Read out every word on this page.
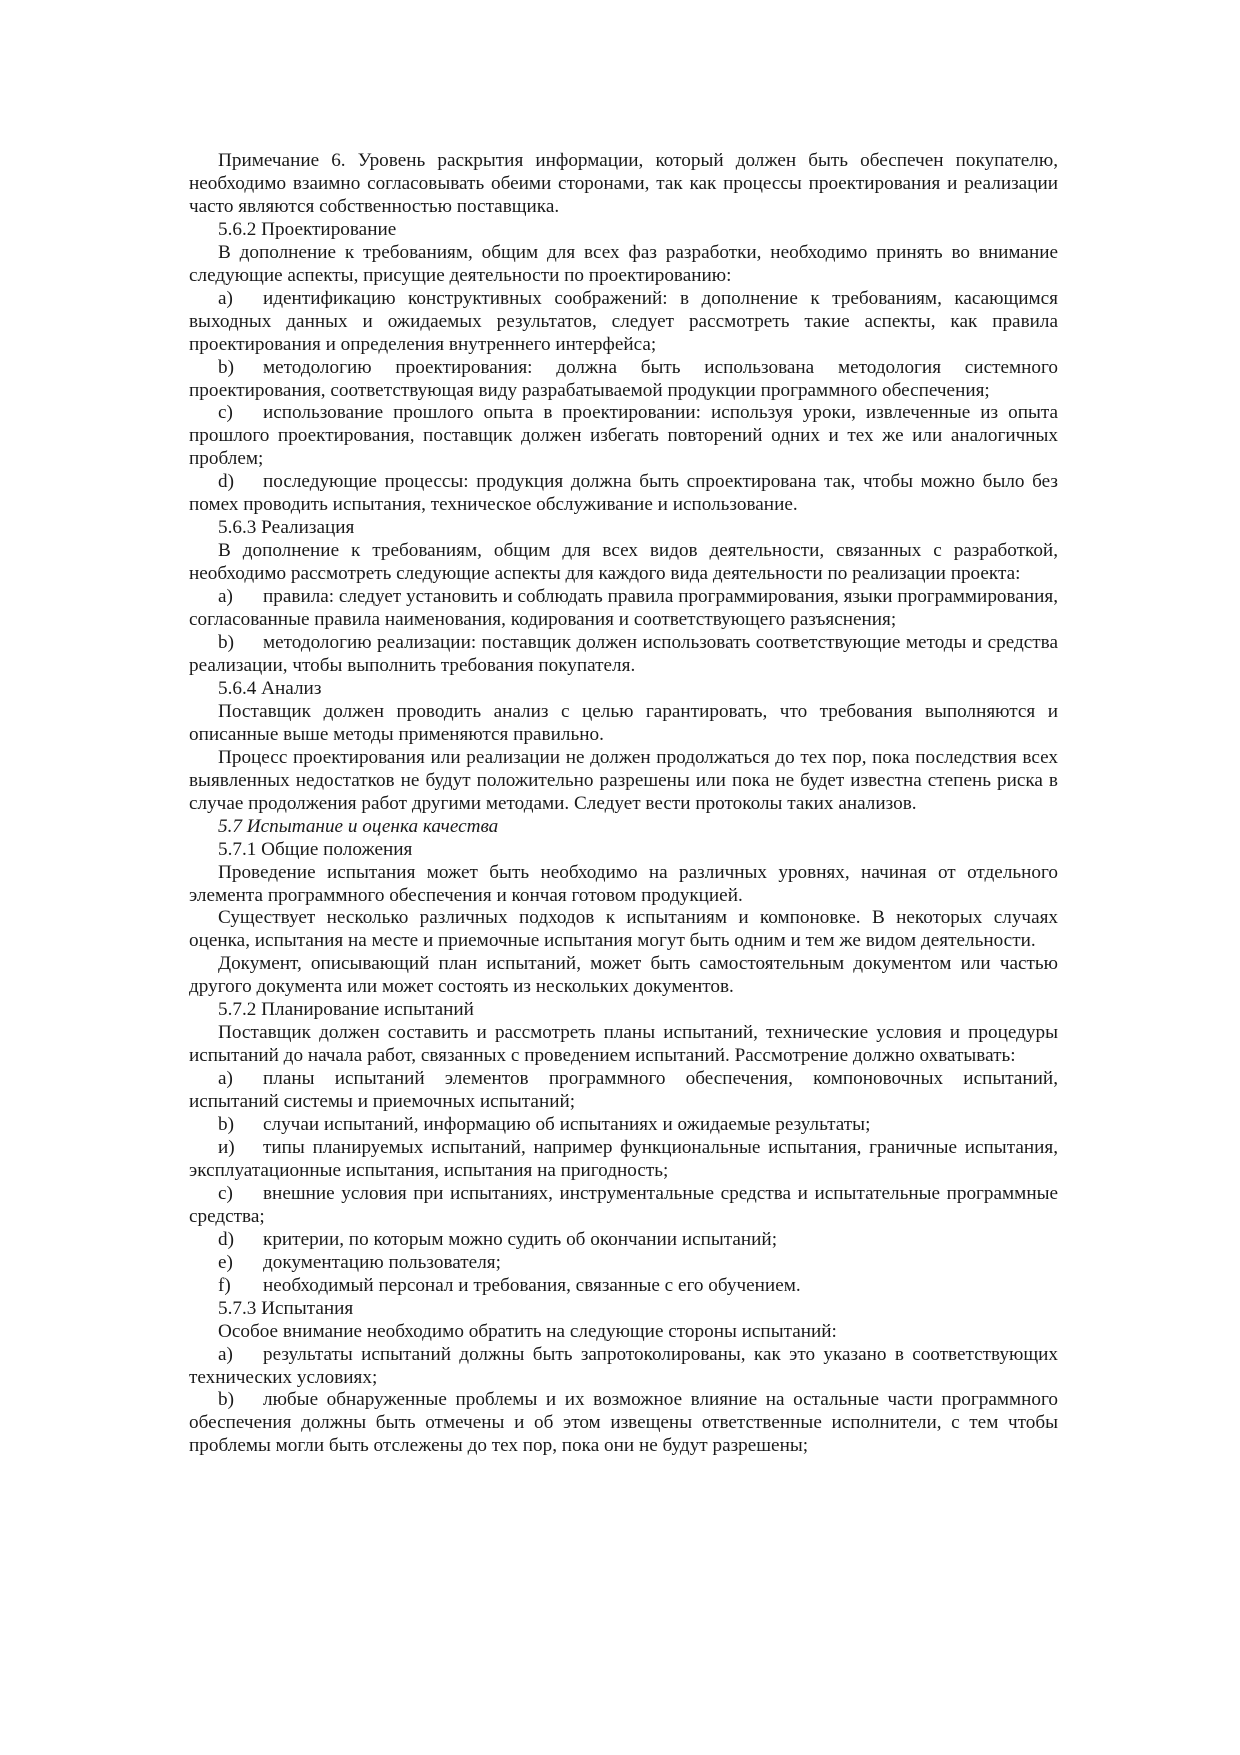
Примечание 6. Уровень раскрытия информации, который должен быть обеспечен покупателю, необходимо взаимно согласовывать обеими сторонами, так как процессы проектирования и реализации часто являются собственностью поставщика.

5.6.2 Проектирование

В дополнение к требованиям, общим для всех фаз разработки, необходимо принять во внимание следующие аспекты, присущие деятельности по проектированию:

a) идентификацию конструктивных соображений: в дополнение к требованиям, касающимся выходных данных и ожидаемых результатов, следует рассмотреть такие аспекты, как правила проектирования и определения внутреннего интерфейса;

b) методологию проектирования: должна быть использована методология системного проектирования, соответствующая виду разрабатываемой продукции программного обеспечения;

c) использование прошлого опыта в проектировании: используя уроки, извлеченные из опыта прошлого проектирования, поставщик должен избегать повторений одних и тех же или аналогичных проблем;

d) последующие процессы: продукция должна быть спроектирована так, чтобы можно было без помех проводить испытания, техническое обслуживание и использование.

5.6.3 Реализация

В дополнение к требованиям, общим для всех видов деятельности, связанных с разработкой, необходимо рассмотреть следующие аспекты для каждого вида деятельности по реализации проекта:

a) правила: следует установить и соблюдать правила программирования, языки программирования, согласованные правила наименования, кодирования и соответствующего разъяснения;

b) методологию реализации: поставщик должен использовать соответствующие методы и средства реализации, чтобы выполнить требования покупателя.

5.6.4 Анализ

Поставщик должен проводить анализ с целью гарантировать, что требования выполняются и описанные выше методы применяются правильно.

Процесс проектирования или реализации не должен продолжаться до тех пор, пока последствия всех выявленных недостатков не будут положительно разрешены или пока не будет известна степень риска в случае продолжения работ другими методами. Следует вести протоколы таких анализов.

5.7 Испытание и оценка качества

5.7.1 Общие положения

Проведение испытания может быть необходимо на различных уровнях, начиная от отдельного элемента программного обеспечения и кончая готовом продукцией.

Существует несколько различных подходов к испытаниям и компоновке. В некоторых случаях оценка, испытания на месте и приемочные испытания могут быть одним и тем же видом деятельности.

Документ, описывающий план испытаний, может быть самостоятельным документом или частью другого документа или может состоять из нескольких документов.

5.7.2 Планирование испытаний

Поставщик должен составить и рассмотреть планы испытаний, технические условия и процедуры испытаний до начала работ, связанных с проведением испытаний. Рассмотрение должно охватывать:

a) планы испытаний элементов программного обеспечения, компоновочных испытаний, испытаний системы и приемочных испытаний;

b) случаи испытаний, информацию об испытаниях и ожидаемые результаты;

и) типы планируемых испытаний, например функциональные испытания, граничные испытания, эксплуатационные испытания, испытания на пригодность;

c) внешние условия при испытаниях, инструментальные средства и испытательные программные средства;

d) критерии, по которым можно судить об окончании испытаний;

e) документацию пользователя;

f) необходимый персонал и требования, связанные с его обучением.

5.7.3 Испытания

Особое внимание необходимо обратить на следующие стороны испытаний:

a) результаты испытаний должны быть запротоколированы, как это указано в соответствующих технических условиях;

b) любые обнаруженные проблемы и их возможное влияние на остальные части программного обеспечения должны быть отмечены и об этом извещены ответственные исполнители, с тем чтобы проблемы могли быть отслежены до тех пор, пока они не будут разрешены;
